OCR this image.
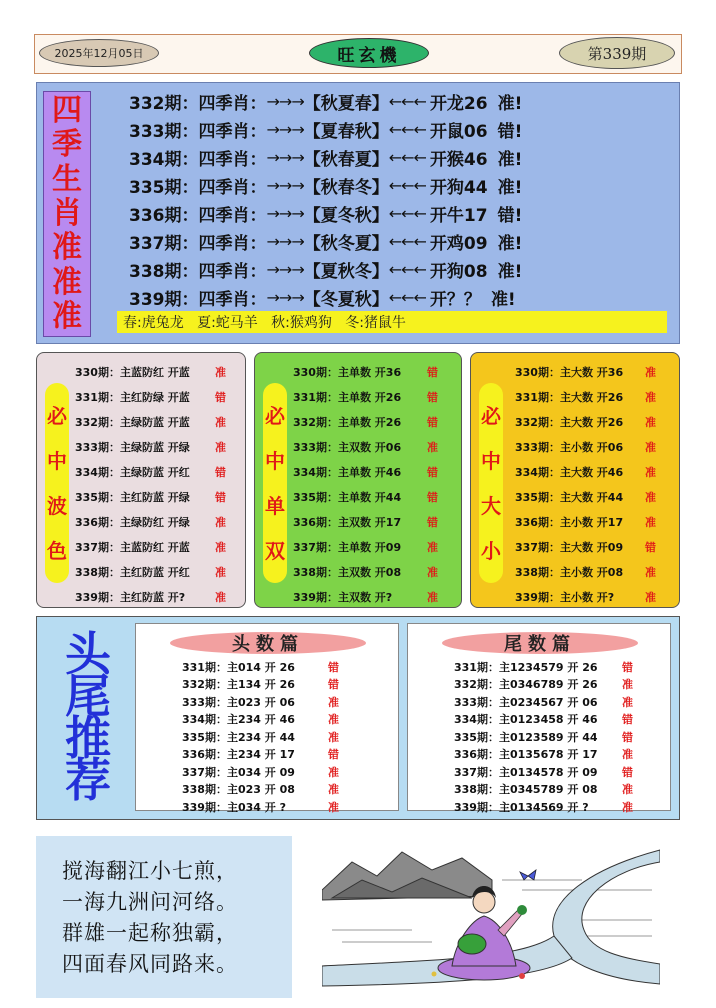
2025年12月05日	旺玄機	第339期
四
季
生
肖
准
准
准
332期： 四季肖： →→→ 【秋夏春】 ←←← 开龙26 准!
333期： 四季肖： →→→ 【夏春秋】 ←←← 开鼠06 错!
334期： 四季肖： →→→ 【秋春夏】 ←←← 开猴46 准!
335期： 四季肖： →→→ 【秋春冬】 ←←← 开狗44 准!
336期： 四季肖： →→→ 【夏冬秋】 ←←← 开牛17 错!
337期： 四季肖： →→→ 【秋冬夏】 ←←← 开鸡09 准!
338期： 四季肖： →→→ 【夏秋冬】 ←←← 开狗08 准!
339期： 四季肖： →→→ 【冬夏秋】 ←←← 开？？ 准!
春:虎兔龙   夏:蛇马羊   秋:猴鸡狗   冬:猪鼠牛
必
中
波
色
330期：主蓝防红 开蓝 准
331期：主红防绿 开蓝 错
332期：主绿防蓝 开蓝 准
333期：主绿防蓝 开绿 准
334期：主绿防蓝 开红 错
335期：主红防蓝 开绿 错
336期：主绿防红 开绿 准
337期：主蓝防红 开蓝 准
338期：主红防蓝 开红 准
339期：主红防蓝 开?	准
必
中
单
双
330期：主单数 开36 错
331期：主单数 开26 错
332期：主单数 开26 错
333期：主双数 开06 准
334期：主单数 开46 错
335期：主单数 开44 错
336期：主双数 开17 错
337期：主单数 开09 准
338期：主双数 开08 准
339期：主双数 开?	准
必
中
大
小
330期：主大数 开36 准
331期：主大数 开26 准
332期：主大数 开26 准
333期：主小数 开06 准
334期：主大数 开46 准
335期：主大数 开44 准
336期：主小数 开17 准
337期：主大数 开09 错
338期：主小数 开08 准
339期：主小数 开?	准
头
尾
推
荐
头数篇
331期：主014 开 26	错
332期：主134 开 26	错
333期：主023 开 06	准
334期：主234 开 46	准
335期：主234 开 44	准
336期：主234 开 17	错
337期：主034 开 09	准
338期：主023 开 08	准
339期：主034 开 ?	准
尾数篇
331期：主1234579 开 26 错
332期：主0346789 开 26 准
333期：主0234567 开 06 准
334期：主0123458 开 46 错
335期：主0123589 开 44 错
336期：主0135678 开 17 准
337期：主0134578 开 09 错
338期：主0345789 开 08 准
339期：主0134569 开 ?	准
搅海翻江小七煎，
一海九洲问河络。
群雄一起称独霸，
四面春风同路来。
